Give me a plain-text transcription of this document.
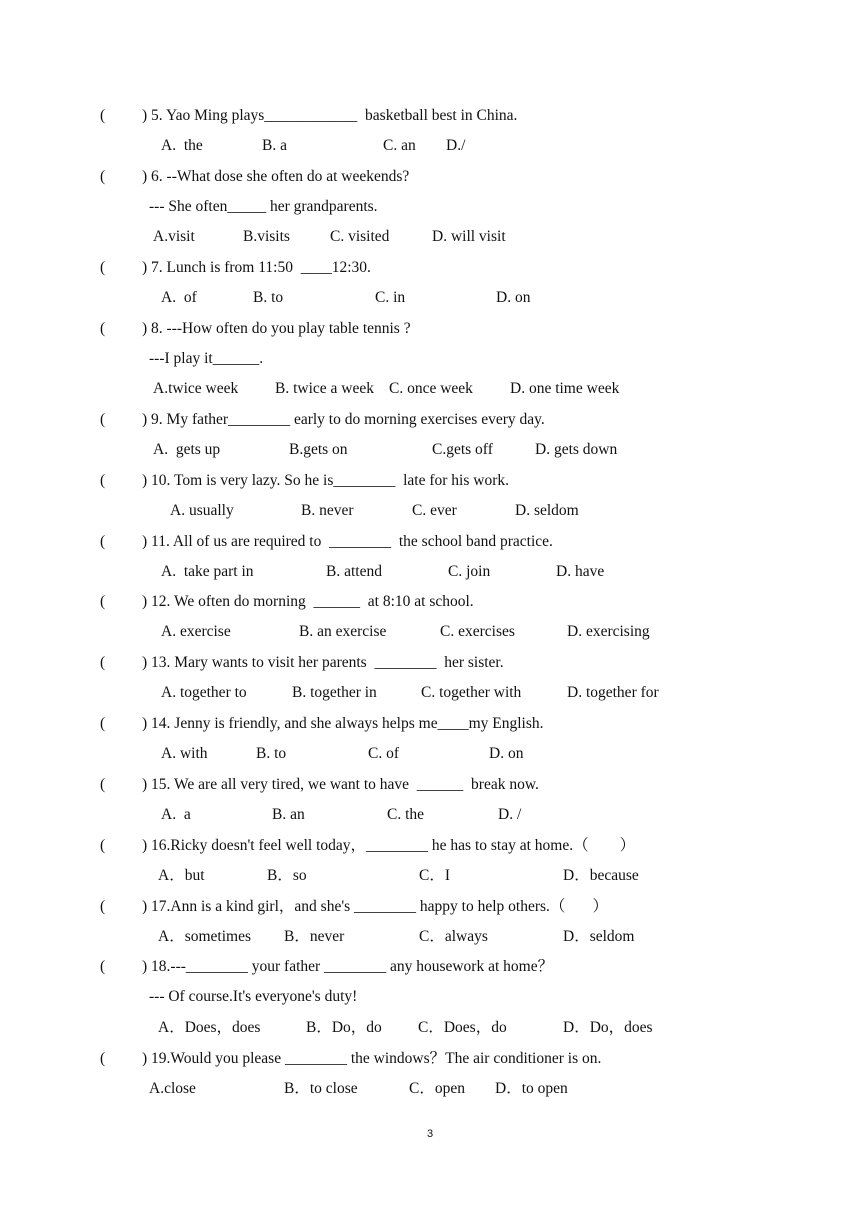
( ) 5. Yao Ming plays____________  basketball best in China.
A.  the	B. a	C. an D./
( ) 6. --What dose she often do at weekends?
--- She often_____ her grandparents.
A.visit	B.visits	C. visited	D. will visit
( ) 7. Lunch is from 11:50  ____12:30.
A.  of	B. to	C. in	D. on
( ) 8. ---How often do you play table tennis ?
---I play it______.
A.twice week B. twice a week C. once week D. one time week
( ) 9. My father________ early to do morning exercises every day.
A.  gets up	B.gets on	C.gets off	D. gets down
( ) 10. Tom is very lazy. So he is________  late for his work.
A. usually	B. never	C. ever	D. seldom
( ) 11. All of us are required to  ________  the school band practice.
A.  take part in	B. attend	C. join	D. have
( ) 12. We often do morning  ______  at 8:10 at school.
A. exercise	B. an exercise	C. exercises	D. exercising
( ) 13. Mary wants to visit her parents  ________  her sister.
A. together to	B. together in	C. together with	D. together for
( ) 14. Jenny is friendly, and she always helps me____my English.
A. with	B. to	C. of	D. on
( ) 15. We are all very tired, we want to have  ______  break now.
A.  a	B. an	C. the	D. /
( ) 16.Ricky doesn't feel well today，________ he has to stay at home.（        ）
A．but	B．so	C．I	D．because
( ) 17.Ann is a kind girl，and she's ________ happy to help others.（       ）
A．sometimes B．never	C．always	D．seldom
( ) 18.---________ your father ________ any housework at home？
--- Of course.It's everyone's duty!
A．Does，does	B．Do，do C．Does，do	D．Do，does
( ) 19.Would you please ________ the windows？The air conditioner is on.
A.close	B．to close	C．open D．to open
3
